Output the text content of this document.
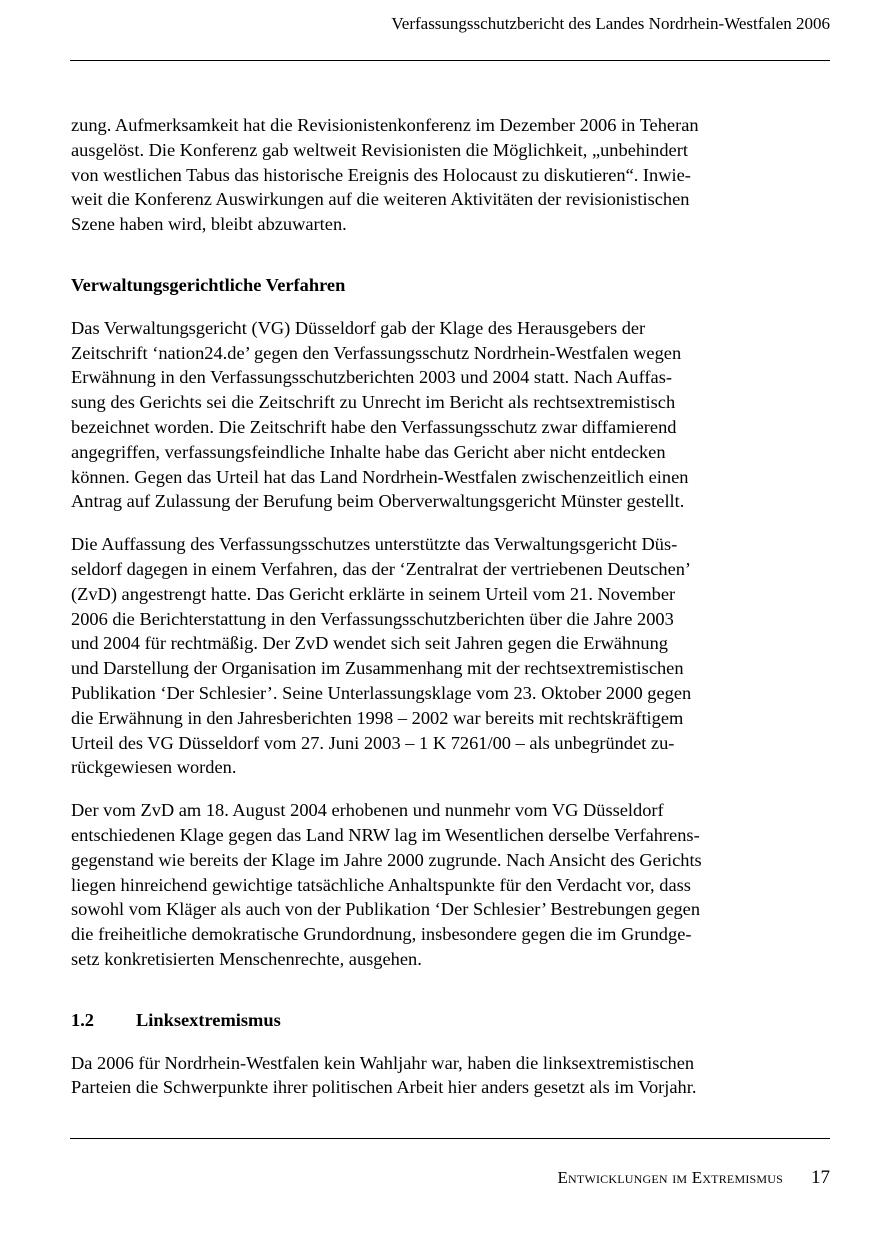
Verfassungsschutzbericht des Landes Nordrhein-Westfalen 2006

zung. Aufmerksamkeit hat die Revisionistenkonferenz im Dezember 2006 in Teheran
ausgelöst. Die Konferenz gab weltweit Revisionisten die Möglichkeit, „unbehindert
von westlichen Tabus das historische Ereignis des Holocaust zu diskutieren“. Inwie-
weit die Konferenz Auswirkungen auf die weiteren Aktivitäten der revisionistischen
Szene haben wird, bleibt abzuwarten.

Verwaltungsgerichtliche Verfahren

Das Verwaltungsgericht (VG) Düsseldorf gab der Klage des Herausgebers der
Zeitschrift ‘nation24.de’ gegen den Verfassungsschutz Nordrhein-Westfalen wegen
Erwähnung in den Verfassungsschutzberichten 2003 und 2004 statt. Nach Auffas-
sung des Gerichts sei die Zeitschrift zu Unrecht im Bericht als rechtsextremistisch
bezeichnet worden. Die Zeitschrift habe den Verfassungsschutz zwar diffamierend
angegriffen, verfassungsfeindliche Inhalte habe das Gericht aber nicht entdecken
können. Gegen das Urteil hat das Land Nordrhein-Westfalen zwischenzeitlich einen
Antrag auf Zulassung der Berufung beim Oberverwaltungsgericht Münster gestellt.

Die Auffassung des Verfassungsschutzes unterstützte das Verwaltungsgericht Düs-
seldorf dagegen in einem Verfahren, das der ‘Zentralrat der vertriebenen Deutschen’
(ZvD) angestrengt hatte. Das Gericht erklärte in seinem Urteil vom 21. November
2006 die Berichterstattung in den Verfassungsschutzberichten über die Jahre 2003
und 2004 für rechtmäßig. Der ZvD wendet sich seit Jahren gegen die Erwähnung
und Darstellung der Organisation im Zusammenhang mit der rechtsextremistischen
Publikation ‘Der Schlesier’. Seine Unterlassungsklage vom 23. Oktober 2000 gegen
die Erwähnung in den Jahresberichten 1998 – 2002 war bereits mit rechtskräftigem
Urteil des VG Düsseldorf vom 27. Juni 2003 – 1 K 7261/00 – als unbegründet zu-
rückgewiesen worden.

Der vom ZvD am 18. August 2004 erhobenen und nunmehr vom VG Düsseldorf
entschiedenen Klage gegen das Land NRW lag im Wesentlichen derselbe Verfahrens-
gegenstand wie bereits der Klage im Jahre 2000 zugrunde. Nach Ansicht des Gerichts
liegen hinreichend gewichtige tatsächliche Anhaltspunkte für den Verdacht vor, dass
sowohl vom Kläger als auch von der Publikation ‘Der Schlesier’ Bestrebungen gegen
die freiheitliche demokratische Grundordnung, insbesondere gegen die im Grundge-
setz konkretisierten Menschenrechte, ausgehen.

1.2 Linksextremismus

Da 2006 für Nordrhein-Westfalen kein Wahljahr war, haben die linksextremistischen
Parteien die Schwerpunkte ihrer politischen Arbeit hier anders gesetzt als im Vorjahr.

Entwicklungen im Extremismus 17
